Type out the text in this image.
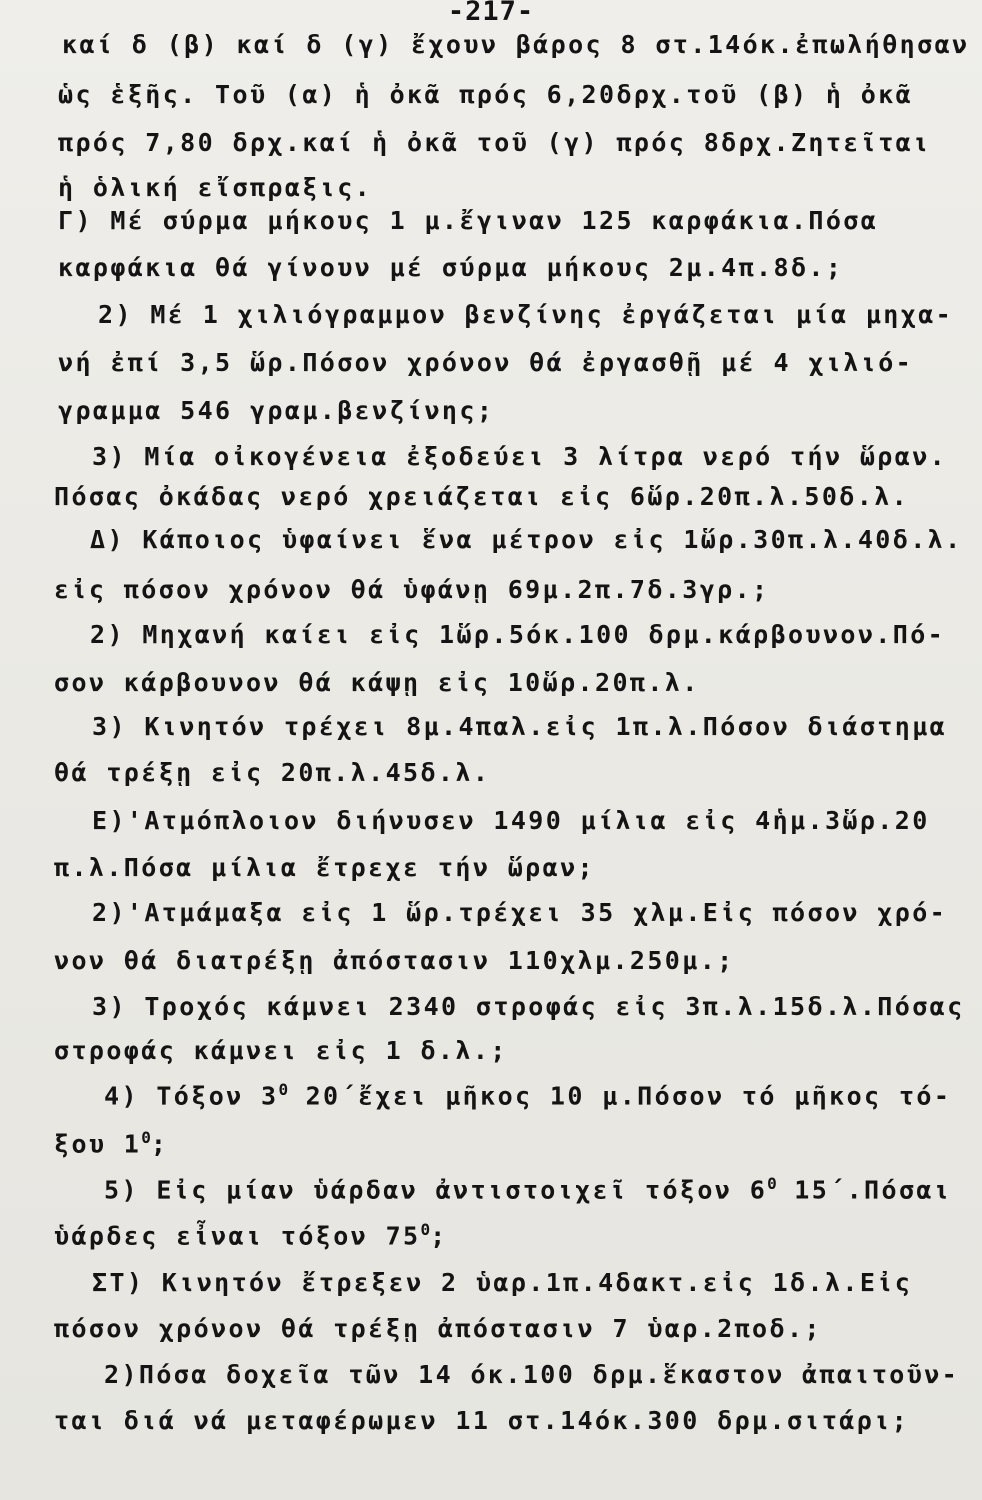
-217-
καί δ (β) καί δ (γ) ἔχουν βάρος 8 στ.14όκ.ἐπωλήθησαν
ὡς ἑξῆς. Τοῦ (α) ἡ ὀκᾶ πρός 6,20δρχ.τοῦ (β) ἡ ὀκᾶ
πρός 7,80 δρχ.καί ἡ ὀκᾶ τοῦ (γ) πρός 8δρχ.Ζητεῖται
ἡ ὁλική εἴσπραξις.
Γ) Μέ σύρμα μήκους 1 μ.ἔγιναν 125 καρφάκια.Πόσα
καρφάκια θά γίνουν μέ σύρμα μήκους 2μ.4π.8δ.;
2) Μέ 1 χιλιόγραμμον βενζίνης ἐργάζεται μία μηχα-
νή ἐπί 3,5 ὥρ.Πόσον χρόνον θά ἐργασθῇ μέ 4 χιλιό-
γραμμα 546 γραμ.βενζίνης;
3) Μία οἰκογένεια ἐξοδεύει 3 λίτρα νερό τήν ὥραν.
Πόσας ὀκάδας νερό χρειάζεται εἰς 6ὥρ.20π.λ.50δ.λ.
Δ) Κάποιος ὑφαίνει ἕνα μέτρον εἰς 1ὥρ.30π.λ.40δ.λ.
εἰς πόσον χρόνον θά ὑφάνῃ 69μ.2π.7δ.3γρ.;
2) Μηχανή καίει εἰς 1ὥρ.5όκ.100 δρμ.κάρβουνον.Πό-
σον κάρβουνον θά κάψῃ εἰς 10ὥρ.20π.λ.
3) Κινητόν τρέχει 8μ.4παλ.εἰς 1π.λ.Πόσον διάστημα
θά τρέξῃ εἰς 20π.λ.45δ.λ.
Ε)'Ατμόπλοιον διήνυσεν 1490 μίλια εἰς 4ἡμ.3ὥρ.20
π.λ.Πόσα μίλια ἔτρεχε τήν ὥραν;
2)'Ατμάμαξα εἰς 1 ὥρ.τρέχει 35 χλμ.Εἰς πόσον χρό-
νον θά διατρέξῃ ἀπόστασιν 110χλμ.250μ.;
3) Τροχός κάμνει 2340 στροφάς εἰς 3π.λ.15δ.λ.Πόσας
στροφάς κάμνει εἰς 1 δ.λ.;
4) Τόξον $3^0$ 20΄ἔχει μῆκος 10 μ.Πόσον τό μῆκος τό-
ξου $1^0$;
5) Εἰς μίαν ὑάρδαν ἀντιστοιχεῖ τόξον $6^0$ 15΄.Πόσαι
ὑάρδες εἶναι τόξον $75^0$;
ΣΤ) Κινητόν ἔτρεξεν 2 ὑαρ.1π.4δακτ.εἰς 1δ.λ.Εἰς
πόσον χρόνον θά τρέξῃ ἀπόστασιν 7 ὑαρ.2ποδ.;
2)Πόσα δοχεῖα τῶν 14 όκ.100 δρμ.ἕκαστον ἀπαιτοῦν-
ται διά νά μεταφέρωμεν 11 στ.14όκ.300 δρμ.σιτάρι;
